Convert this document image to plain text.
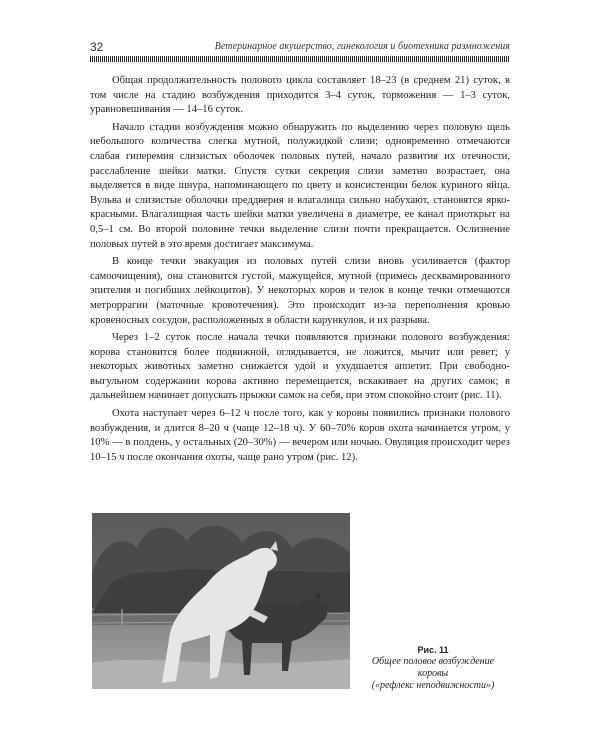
32	Ветеринарное акушерство, гинекология и биотехника размножения

Общая продолжительность полового цикла составляет 18–23 (в среднем 21) суток, в том числе на стадию возбуждения приходится 3–4 суток, торможения — 1–3 суток, уравновешивания — 14–16 суток.

Начало стадии возбуждения можно обнаружить по выделению через половую щель небольшого количества слегка мутной, полужидкой слизи; одновременно отмечаются слабая гиперемия слизистых оболочек половых путей, начало развития их отечности, расслабление шейки матки. Спустя сутки секреция слизи заметно возрастает, она выделяется в виде шнура, напоминающего по цвету и консистенции белок куриного яйца. Вульва и слизистые оболочки преддверия и влагалища сильно набухают, становятся ярко-красными. Влагалищная часть шейки матки увеличена в диаметре, ее канал приоткрыт на 0,5–1 см. Во второй половине течки выделение слизи почти прекращается. Ослизнение половых путей в это время достигает максимума.

В конце течки эвакуация из половых путей слизи вновь усиливается (фактор самоочищения), она становится густой, мажущейся, мутной (примесь десквамированного эпителия и погибших лейкоцитов). У некоторых коров и телок в конце течки отмечаются метроррагии (маточные кровотечения). Это происходит из-за переполнения кровью кровеносных сосудов, расположенных в области карункулов, и их разрыва.

Через 1–2 суток после начала течки появляются признаки полового возбуждения: корова становится более подвижной, оглядывается, не ложится, мычит или ревет; у некоторых животных заметно снижается удой и ухудшается аппетит. При свободно-выгульном содержании корова активно перемещается, вскакивает на других самок; в дальнейшем начинает допускать прыжки самок на себя, при этом спокойно стоит (рис. 11).

Охота наступает через 6–12 ч после того, как у коровы появились признаки полового возбуждения, и длится 8–20 ч (чаще 12–18 ч). У 60–70% коров охота начинается утром, у 10% — в полдень, у остальных (20–30%) — вечером или ночью. Овуляция происходит через 10–15 ч после окончания охоты, чаще рано утром (рис. 12).

Рис. 11
Общее половое возбуждение
коровы
(«рефлекс неподвижности»)
